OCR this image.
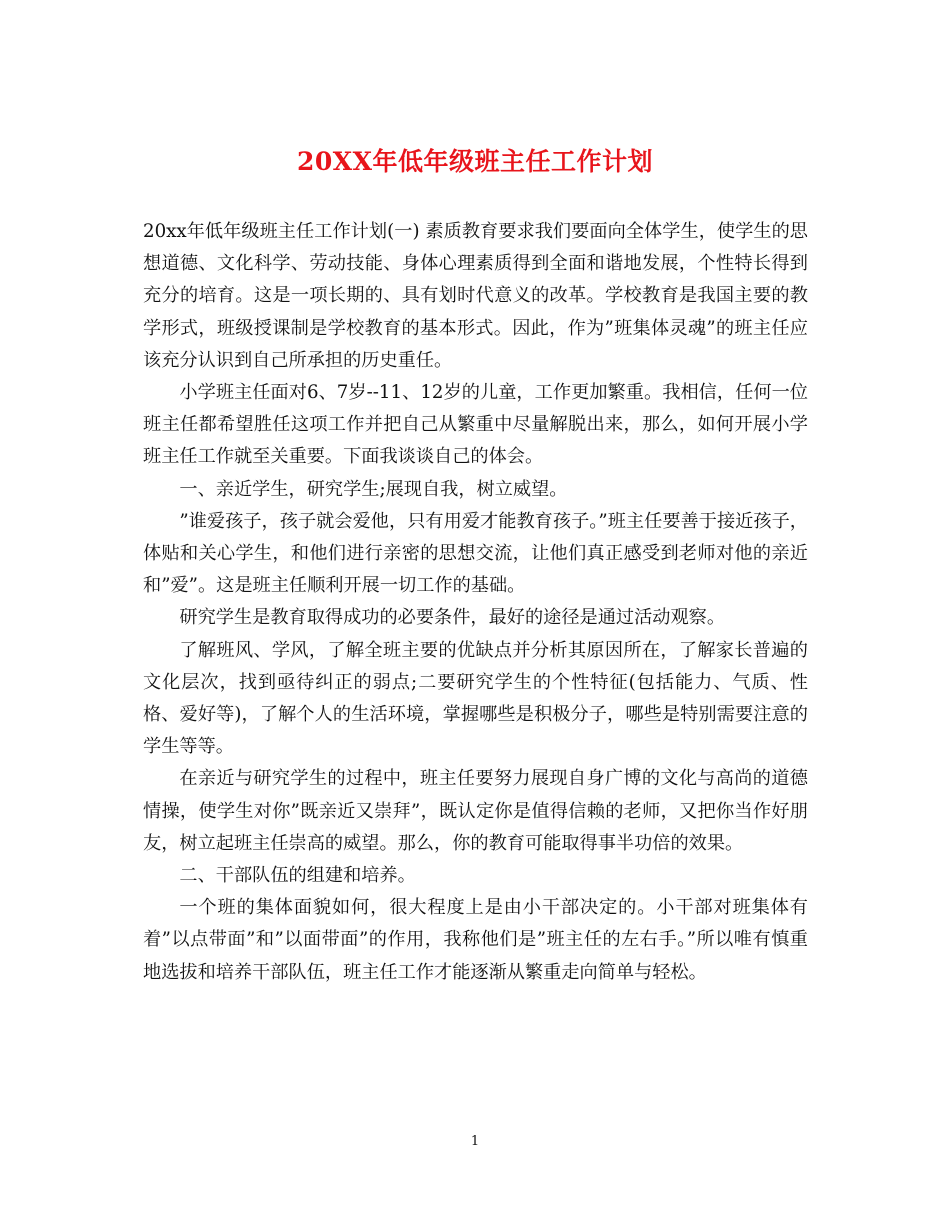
20XX年低年级班主任工作计划

20xx年低年级班主任工作计划(一) 素质教育要求我们要面向全体学生，使学生的思想道德、文化科学、劳动技能、身体心理素质得到全面和谐地发展，个性特长得到充分的培育。这是一项长期的、具有划时代意义的改革。学校教育是我国主要的教学形式，班级授课制是学校教育的基本形式。因此，作为”班集体灵魂”的班主任应该充分认识到自己所承担的历史重任。

小学班主任面对6、7岁--11、12岁的儿童，工作更加繁重。我相信，任何一位班主任都希望胜任这项工作并把自己从繁重中尽量解脱出来，那么，如何开展小学班主任工作就至关重要。下面我谈谈自己的体会。

一、亲近学生，研究学生;展现自我，树立威望。

”谁爱孩子，孩子就会爱他，只有用爱才能教育孩子。”班主任要善于接近孩子，体贴和关心学生，和他们进行亲密的思想交流，让他们真正感受到老师对他的亲近和”爱”。这是班主任顺利开展一切工作的基础。

研究学生是教育取得成功的必要条件，最好的途径是通过活动观察。

了解班风、学风，了解全班主要的优缺点并分析其原因所在，了解家长普遍的文化层次，找到亟待纠正的弱点;二要研究学生的个性特征(包括能力、气质、性格、爱好等)，了解个人的生活环境，掌握哪些是积极分子，哪些是特别需要注意的学生等等。

在亲近与研究学生的过程中，班主任要努力展现自身广博的文化与高尚的道德情操，使学生对你”既亲近又崇拜”，既认定你是值得信赖的老师，又把你当作好朋友，树立起班主任崇高的威望。那么，你的教育可能取得事半功倍的效果。

二、干部队伍的组建和培养。

一个班的集体面貌如何，很大程度上是由小干部决定的。小干部对班集体有着”以点带面”和”以面带面”的作用，我称他们是”班主任的左右手。”所以唯有慎重地选拔和培养干部队伍，班主任工作才能逐渐从繁重走向简单与轻松。

1
